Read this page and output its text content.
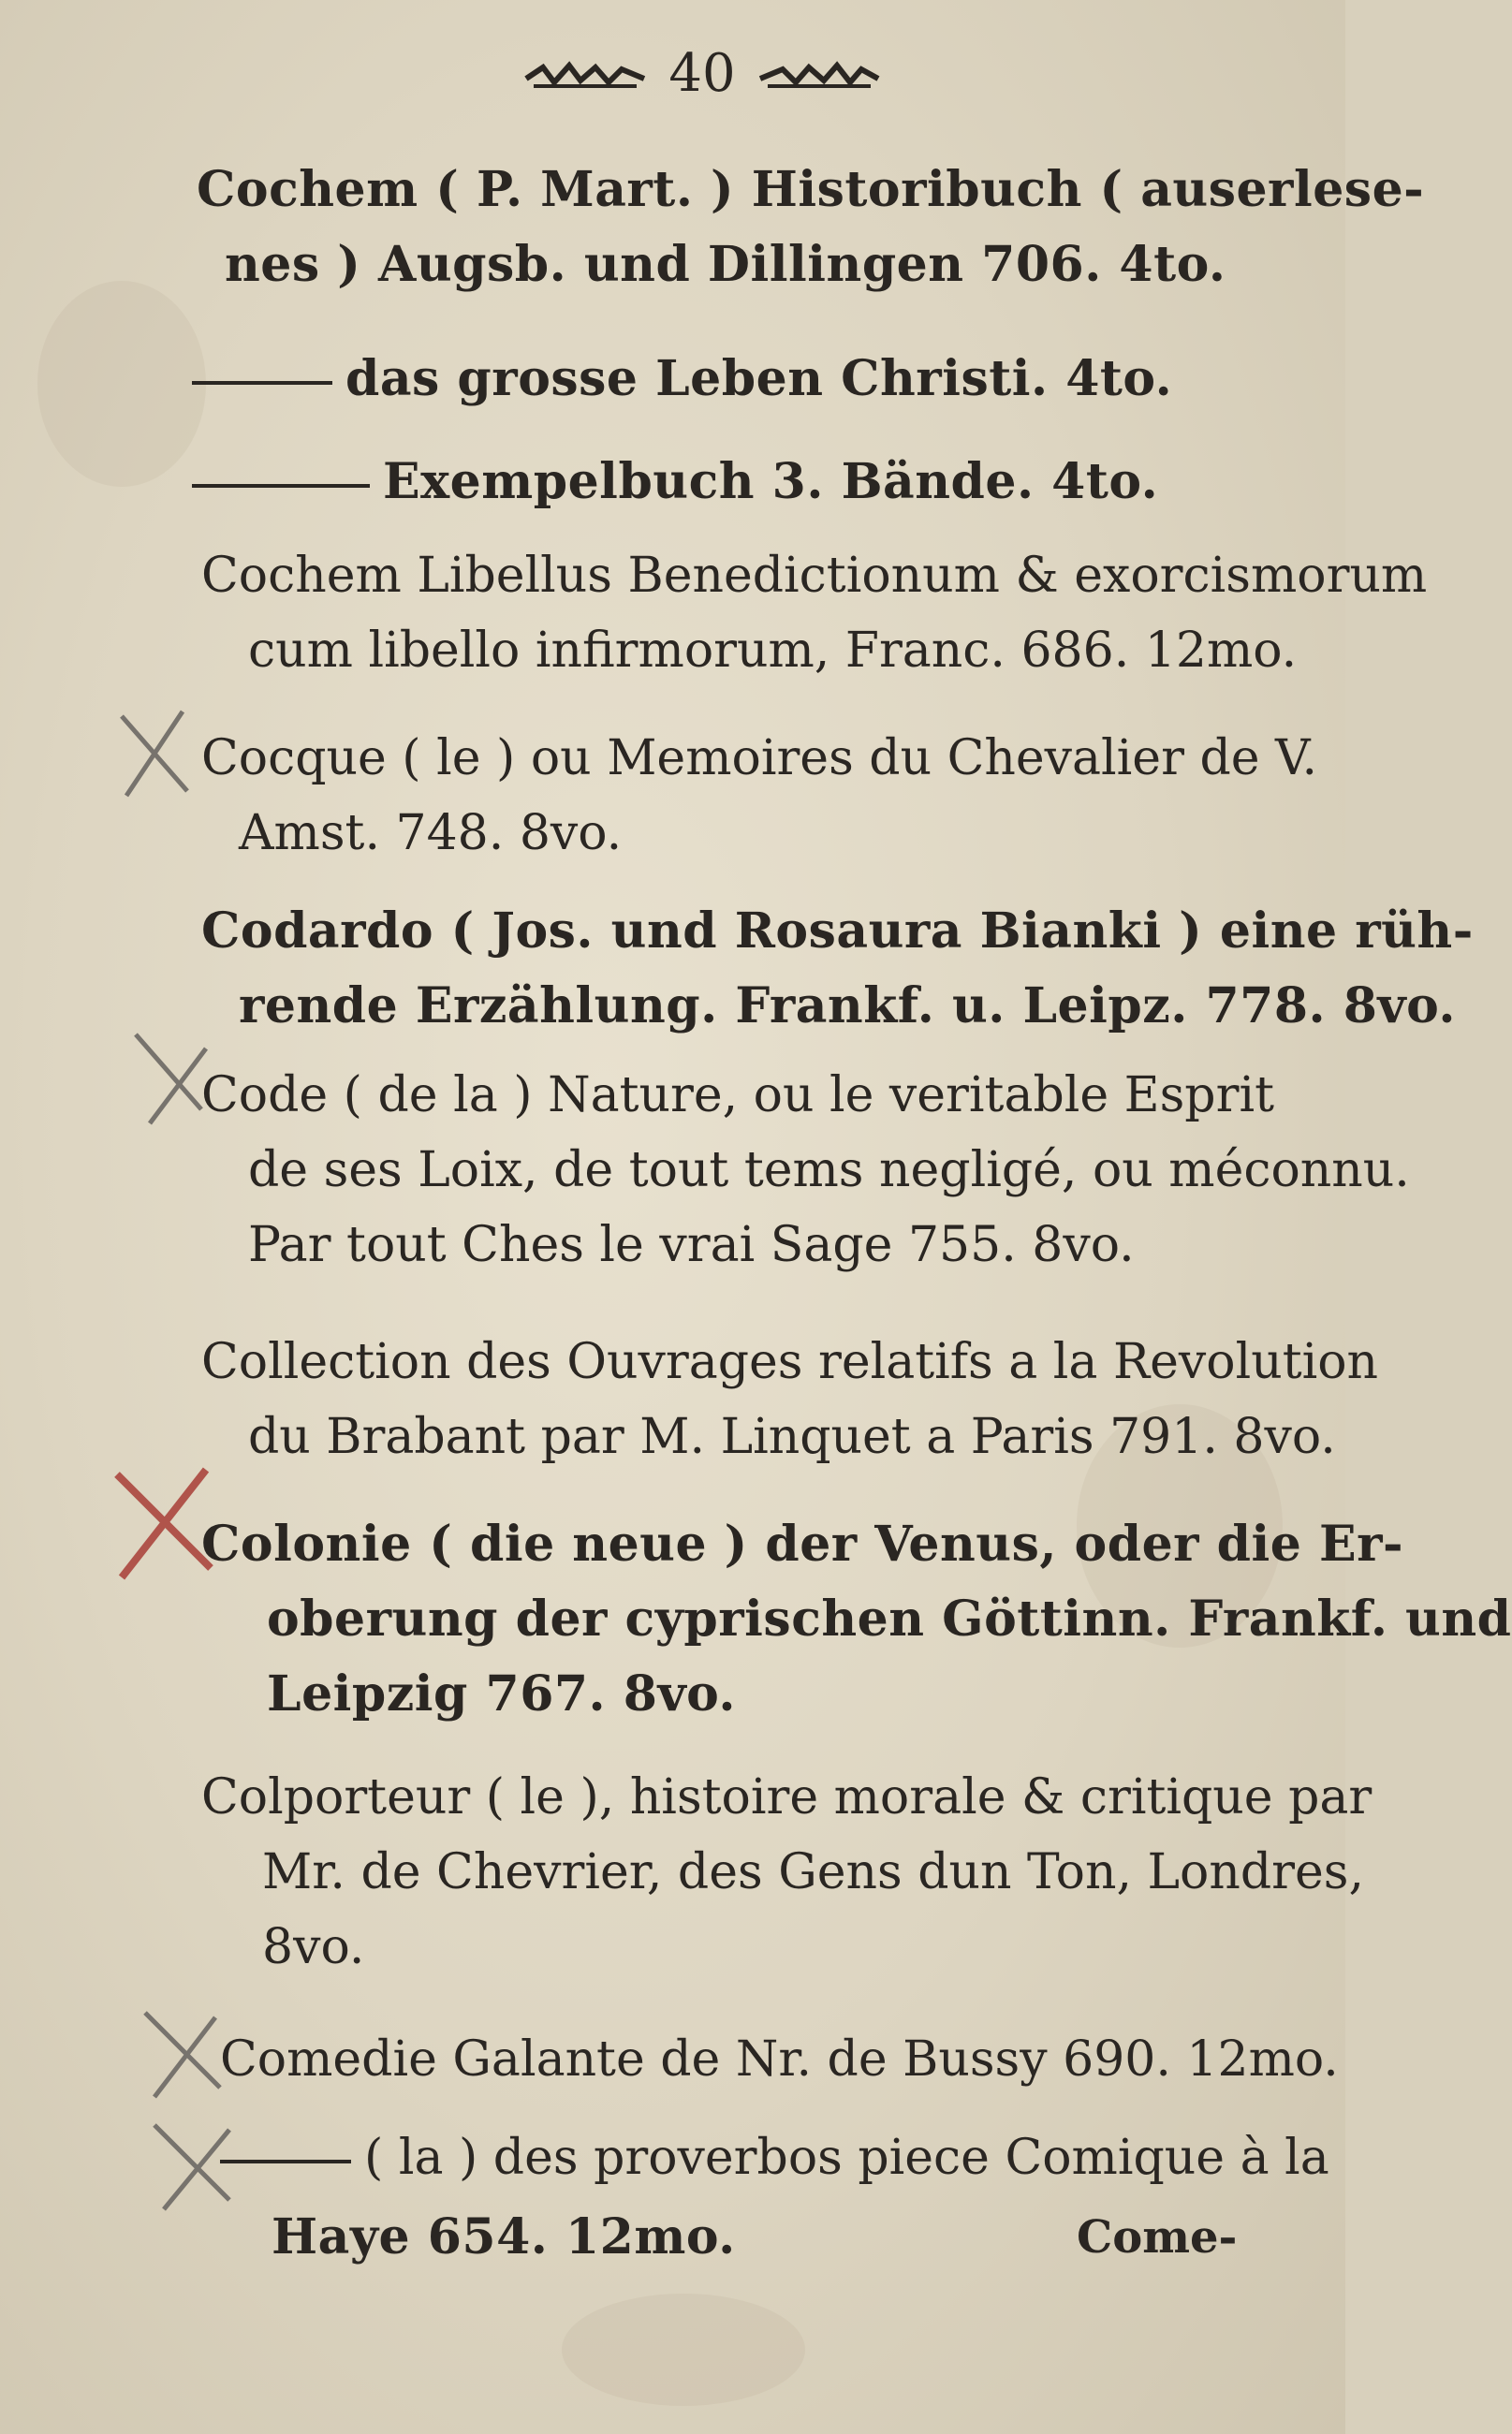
40
Cochem ( P. Mart. ) Historibuch ( auserlese-
nes ) Augsb. und Dillingen 706. 4to.
das grosse Leben Christi. 4to.
Exempelbuch 3. Bände. 4to.
Cochem Libellus Benedictionum & exorcismorum
cum libello infirmorum, Franc. 686. 12mo.
Cocque ( le ) ou Memoires du Chevalier de V.
Amst. 748. 8vo.
Codardo ( Jos. und Rosaura Bianki ) eine rüh-
rende Erzählung. Frankf. u. Leipz. 778. 8vo.
Code ( de la ) Nature, ou le veritable Esprit
de ses Loix, de tout tems negligé, ou méconnu.
Par tout Ches le vrai Sage 755. 8vo.
Collection des Ouvrages relatifs a la Revolution
du Brabant par M. Linquet a Paris 791. 8vo.
Colonie ( die neue ) der Venus, oder die Er-
oberung der cyprischen Göttinn. Frankf. und
Leipzig 767. 8vo.
Colporteur ( le ), histoire morale & critique par
Mr. de Chevrier, des Gens dun Ton, Londres,
8vo.
Comedie Galante de Nr. de Bussy 690. 12mo.
( la ) des proverbos piece Comique à la
Haye 654. 12mo.	Come-
